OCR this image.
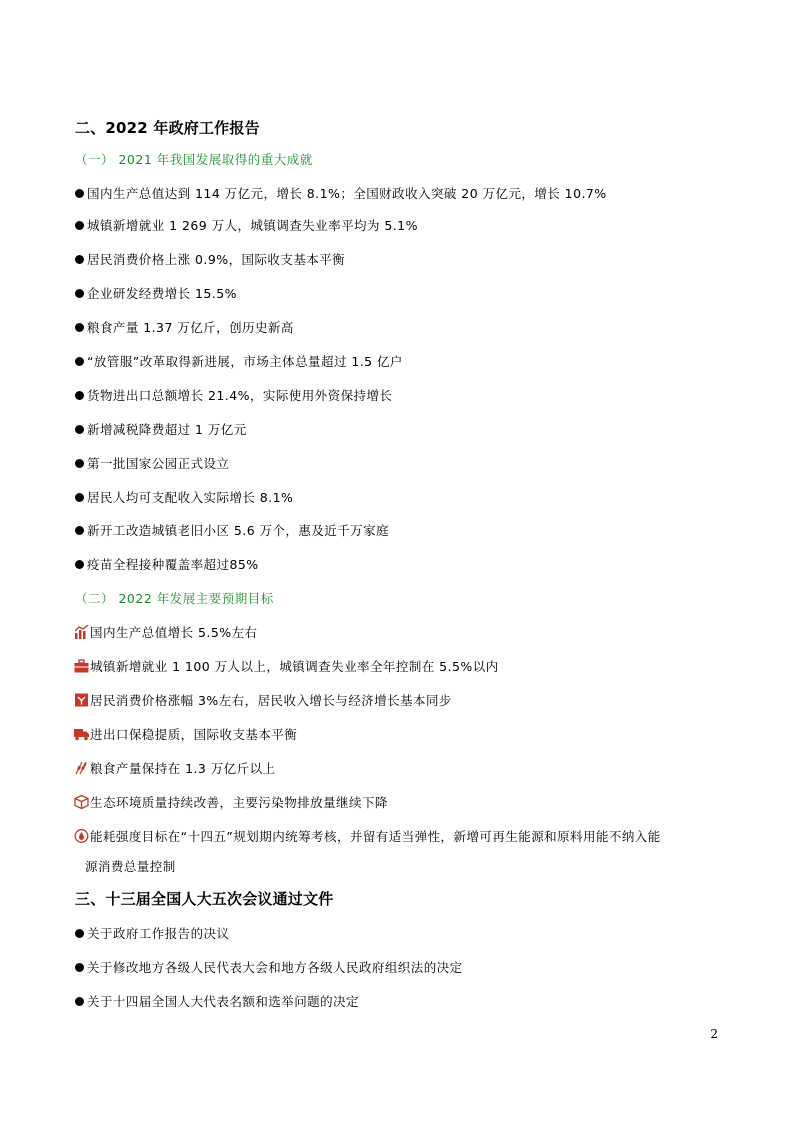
二、2022 年政府工作报告
（一） 2021 年我国发展取得的重大成就
国内生产总值达到 114 万亿元，增长 8.1%；全国财政收入突破 20 万亿元，增长 10.7%
城镇新增就业 1 269 万人，城镇调查失业率平均为 5.1%
居民消费价格上涨 0.9%，国际收支基本平衡
企业研发经费增长 15.5%
粮食产量 1.37 万亿斤，创历史新高
“放管服”改革取得新进展，市场主体总量超过 1.5 亿户
货物进出口总额增长 21.4%，实际使用外资保持增长
新增减税降费超过 1 万亿元
第一批国家公园正式设立
居民人均可支配收入实际增长 8.1%
新开工改造城镇老旧小区 5.6 万个，惠及近千万家庭
疫苗全程接种覆盖率超过85%
（二） 2022 年发展主要预期目标
国内生产总值增长 5.5%左右
城镇新增就业 1 100 万人以上，城镇调查失业率全年控制在 5.5%以内
居民消费价格涨幅 3%左右，居民收入增长与经济增长基本同步
进出口保稳提质，国际收支基本平衡
粮食产量保持在 1.3 万亿斤以上
生态环境质量持续改善，主要污染物排放量继续下降
能耗强度目标在“十四五”规划期内统筹考核，并留有适当弹性，新增可再生能源和原料用能不纳入能
源消费总量控制
三、十三届全国人大五次会议通过文件
关于政府工作报告的决议
关于修改地方各级人民代表大会和地方各级人民政府组织法的决定
关于十四届全国人大代表名额和选举问题的决定
2
